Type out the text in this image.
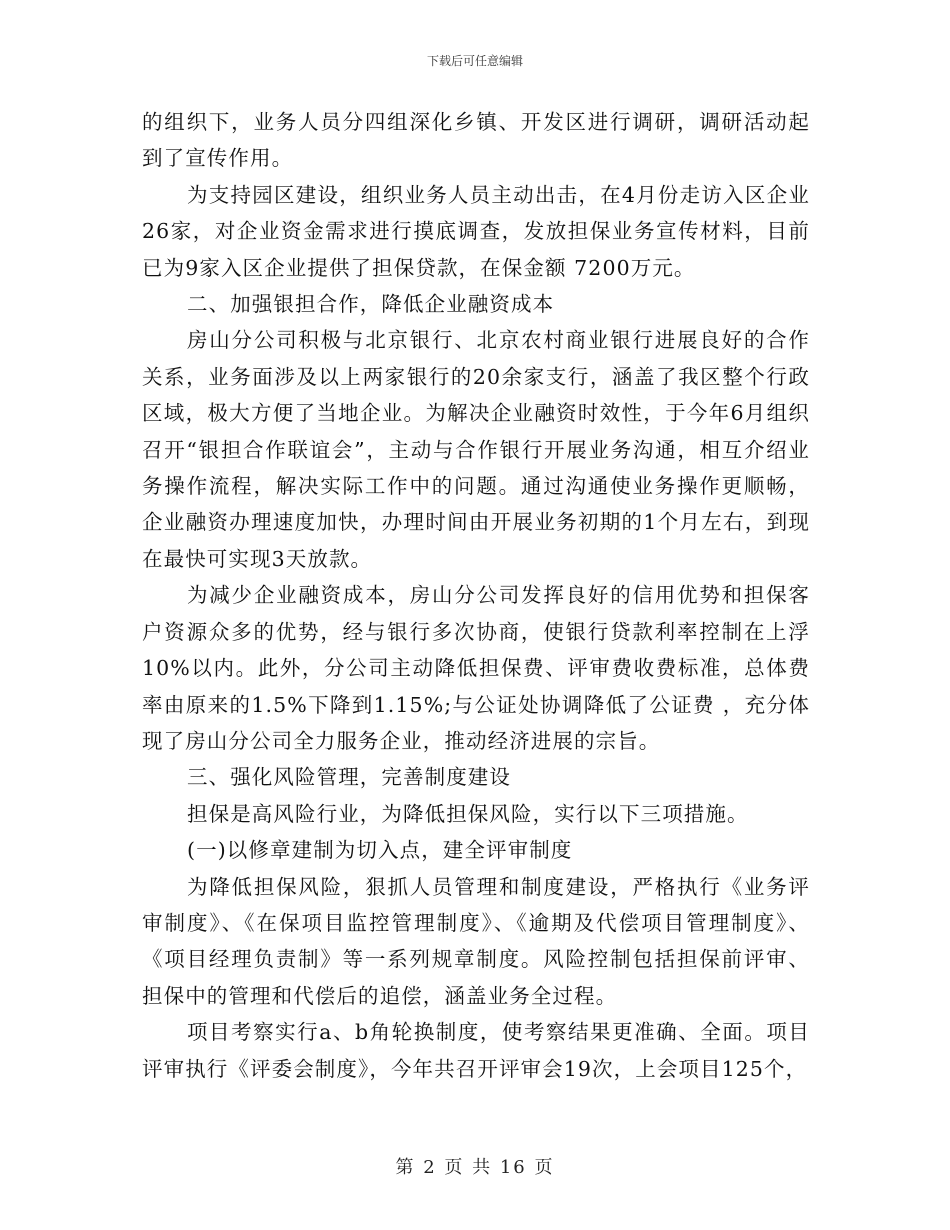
下载后可任意编辑

的组织下，业务人员分四组深化乡镇、开发区进行调研，调研活动起到了宣传作用。

为支持园区建设，组织业务人员主动出击，在4月份走访入区企业26家，对企业资金需求进行摸底调查，发放担保业务宣传材料，目前已为9家入区企业提供了担保贷款，在保金额 7200万元。

二、加强银担合作，降低企业融资成本

房山分公司积极与北京银行、北京农村商业银行进展良好的合作关系，业务面涉及以上两家银行的20余家支行，涵盖了我区整个行政区域，极大方便了当地企业。为解决企业融资时效性，于今年6月组织召开“银担合作联谊会”，主动与合作银行开展业务沟通，相互介绍业务操作流程，解决实际工作中的问题。通过沟通使业务操作更顺畅，企业融资办理速度加快，办理时间由开展业务初期的1个月左右，到现在最快可实现3天放款。

为减少企业融资成本，房山分公司发挥良好的信用优势和担保客户资源众多的优势，经与银行多次协商，使银行贷款利率控制在上浮10%以内。此外，分公司主动降低担保费、评审费收费标准，总体费率由原来的1.5%下降到1.15%;与公证处协调降低了公证费 ，充分体现了房山分公司全力服务企业，推动经济进展的宗旨。

三、强化风险管理，完善制度建设

担保是高风险行业，为降低担保风险，实行以下三项措施。

(一)以修章建制为切入点，建全评审制度

为降低担保风险，狠抓人员管理和制度建设，严格执行《业务评审制度》、《在保项目监控管理制度》、《逾期及代偿项目管理制度》、《项目经理负责制》等一系列规章制度。风险控制包括担保前评审、担保中的管理和代偿后的追偿，涵盖业务全过程。

项目考察实行a、b角轮换制度，使考察结果更准确、全面。项目评审执行《评委会制度》，今年共召开评审会19次，上会项目125个，

第 2 页 共 16 页
